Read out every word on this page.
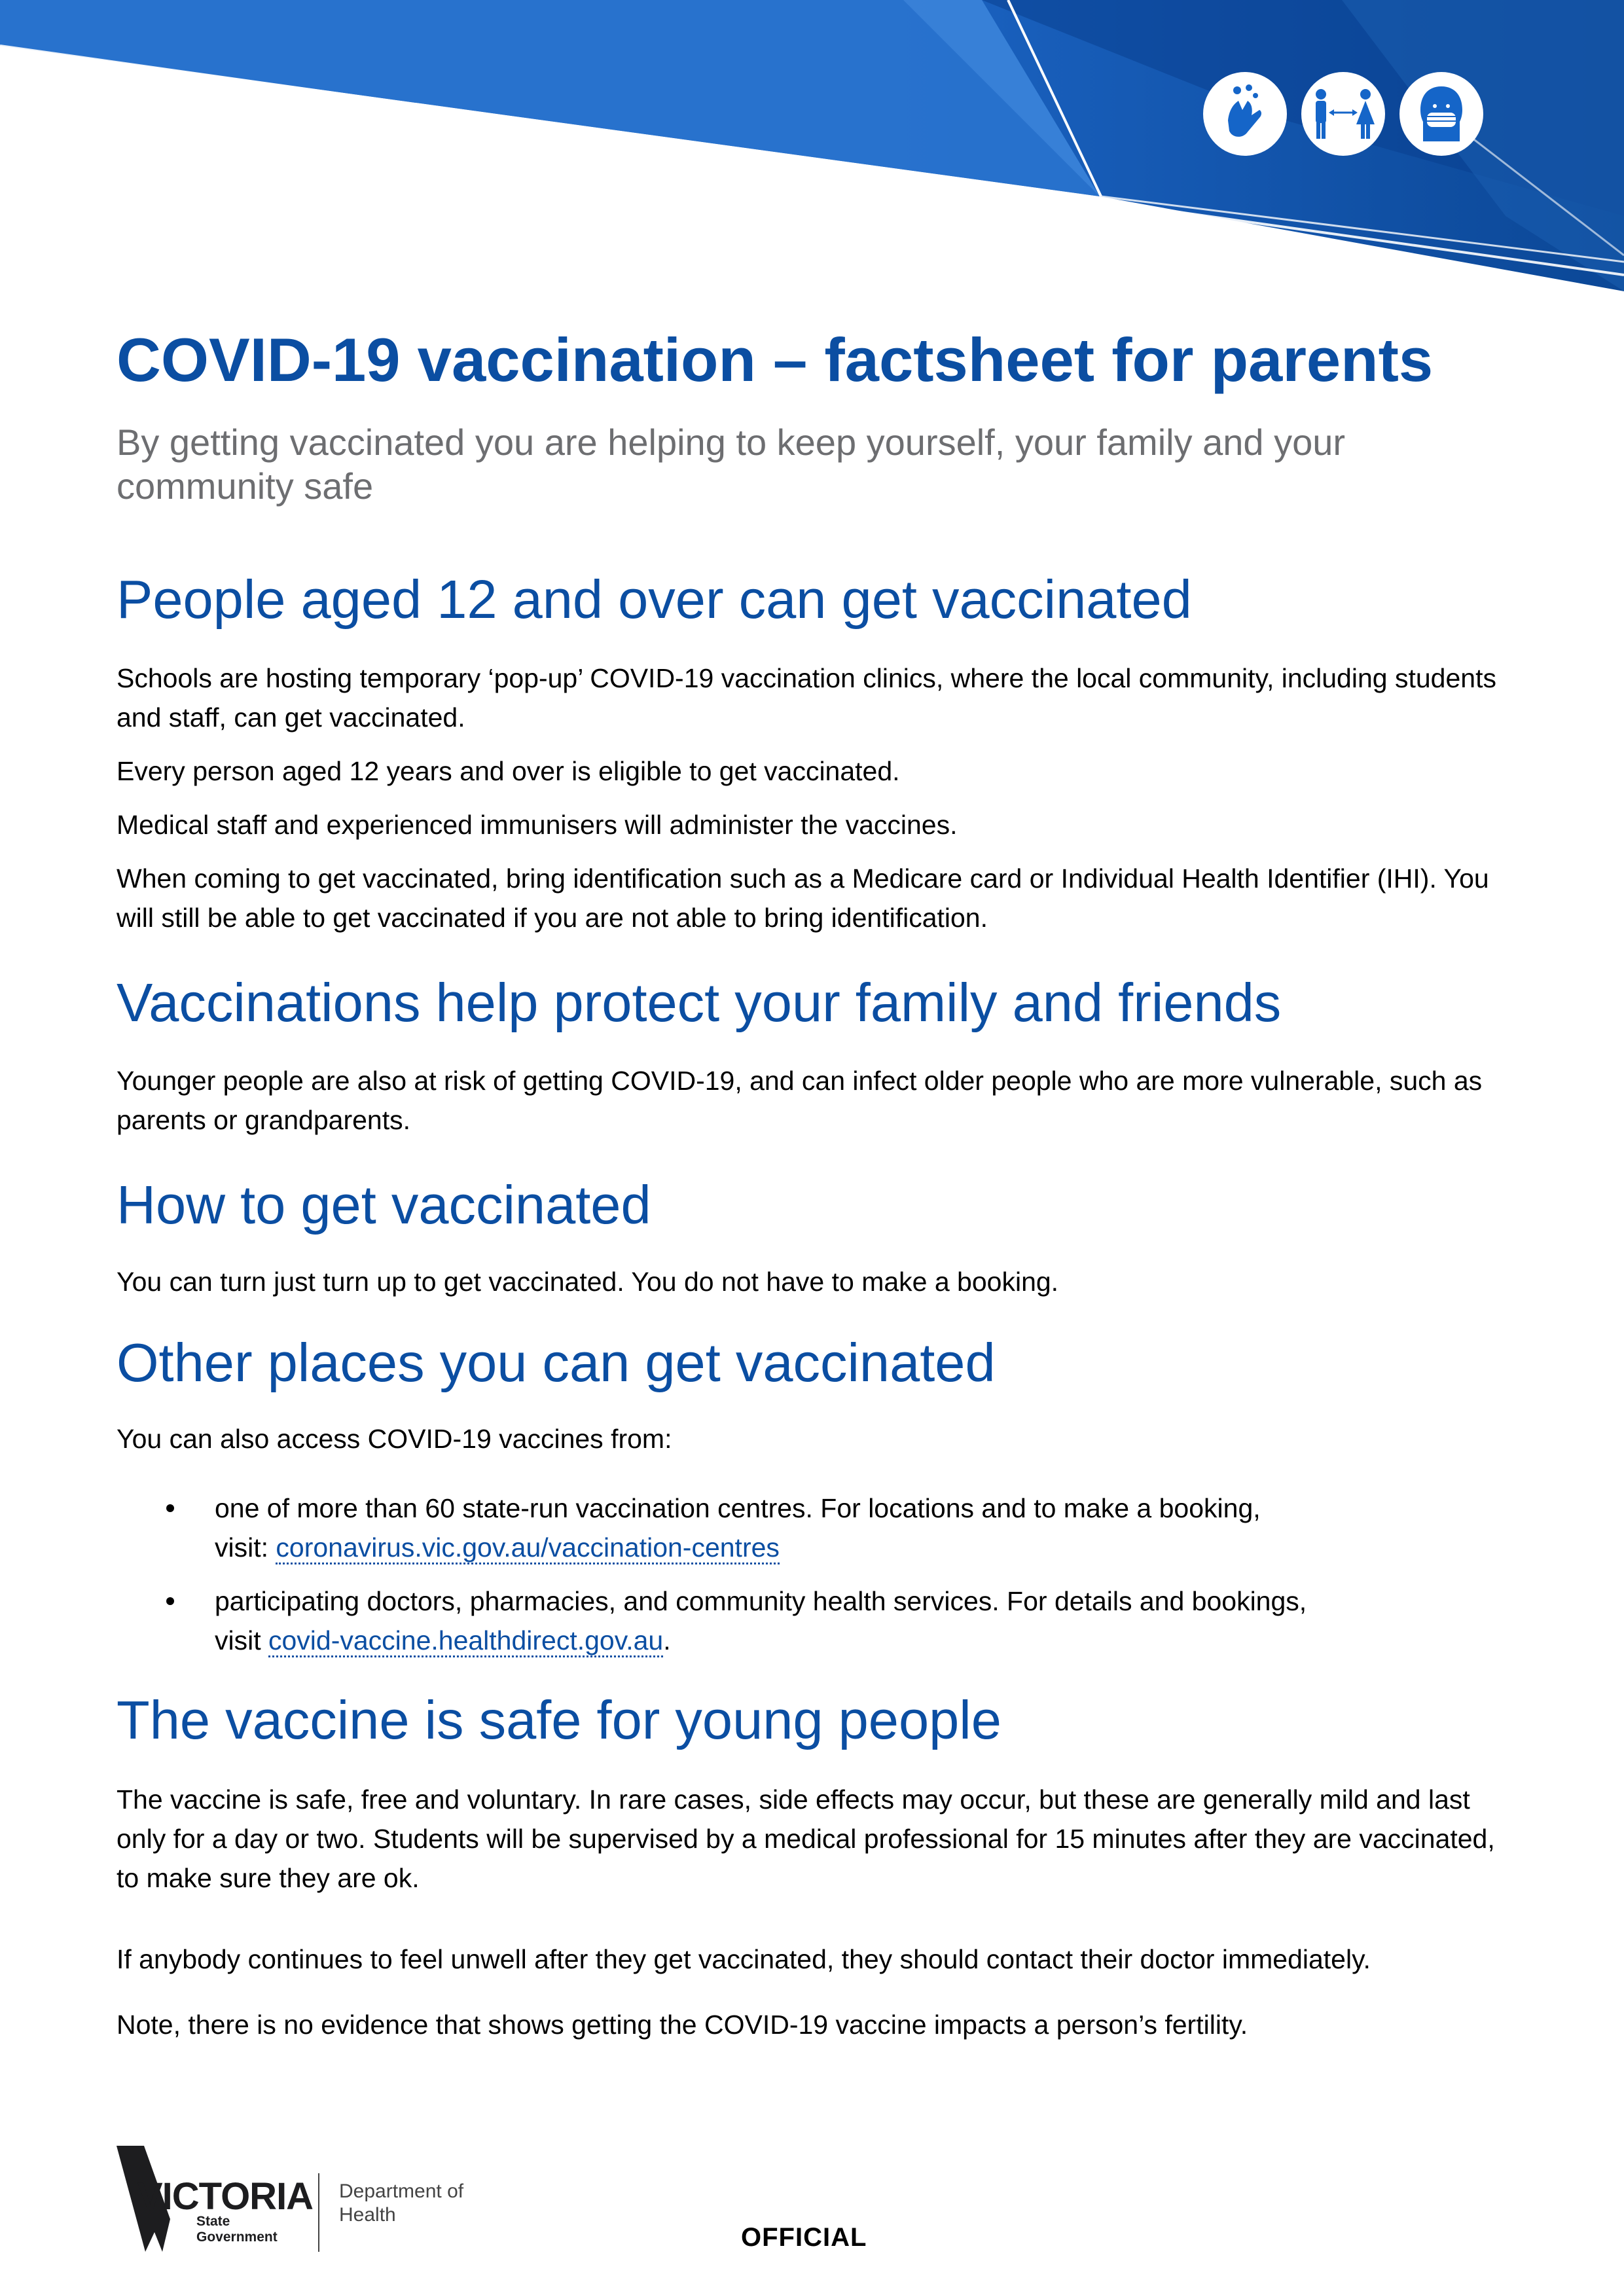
COVID-19 vaccination – factsheet for parents
By getting vaccinated you are helping to keep yourself, your family and your community safe
People aged 12 and over can get vaccinated

Schools are hosting temporary ‘pop-up’ COVID-19 vaccination clinics, where the local community, including students and staff, can get vaccinated.

Every person aged 12 years and over is eligible to get vaccinated.

Medical staff and experienced immunisers will administer the vaccines.

When coming to get vaccinated, bring identification such as a Medicare card or Individual Health Identifier (IHI). You will still be able to get vaccinated if you are not able to bring identification.

Vaccinations help protect your family and friends

Younger people are also at risk of getting COVID-19, and can infect older people who are more vulnerable, such as parents or grandparents.

How to get vaccinated

You can turn just turn up to get vaccinated. You do not have to make a booking.

Other places you can get vaccinated

You can also access COVID-19 vaccines from:

one of more than 60 state-run vaccination centres. For locations and to make a booking,
visit: coronavirus.vic.gov.au/vaccination-centres
participating doctors, pharmacies, and community health services. For details and bookings,
visit covid-vaccine.healthdirect.gov.au.
The vaccine is safe for young people

The vaccine is safe, free and voluntary. In rare cases, side effects may occur, but these are generally mild and last only for a day or two. Students will be supervised by a medical professional for 15 minutes after they are vaccinated, to make sure they are ok.

If anybody continues to feel unwell after they get vaccinated, they should contact their doctor immediately.

Note, there is no evidence that shows getting the COVID-19 vaccine impacts a person’s fertility.

VICTORIA
State Government
Department of Health
OFFICIAL
